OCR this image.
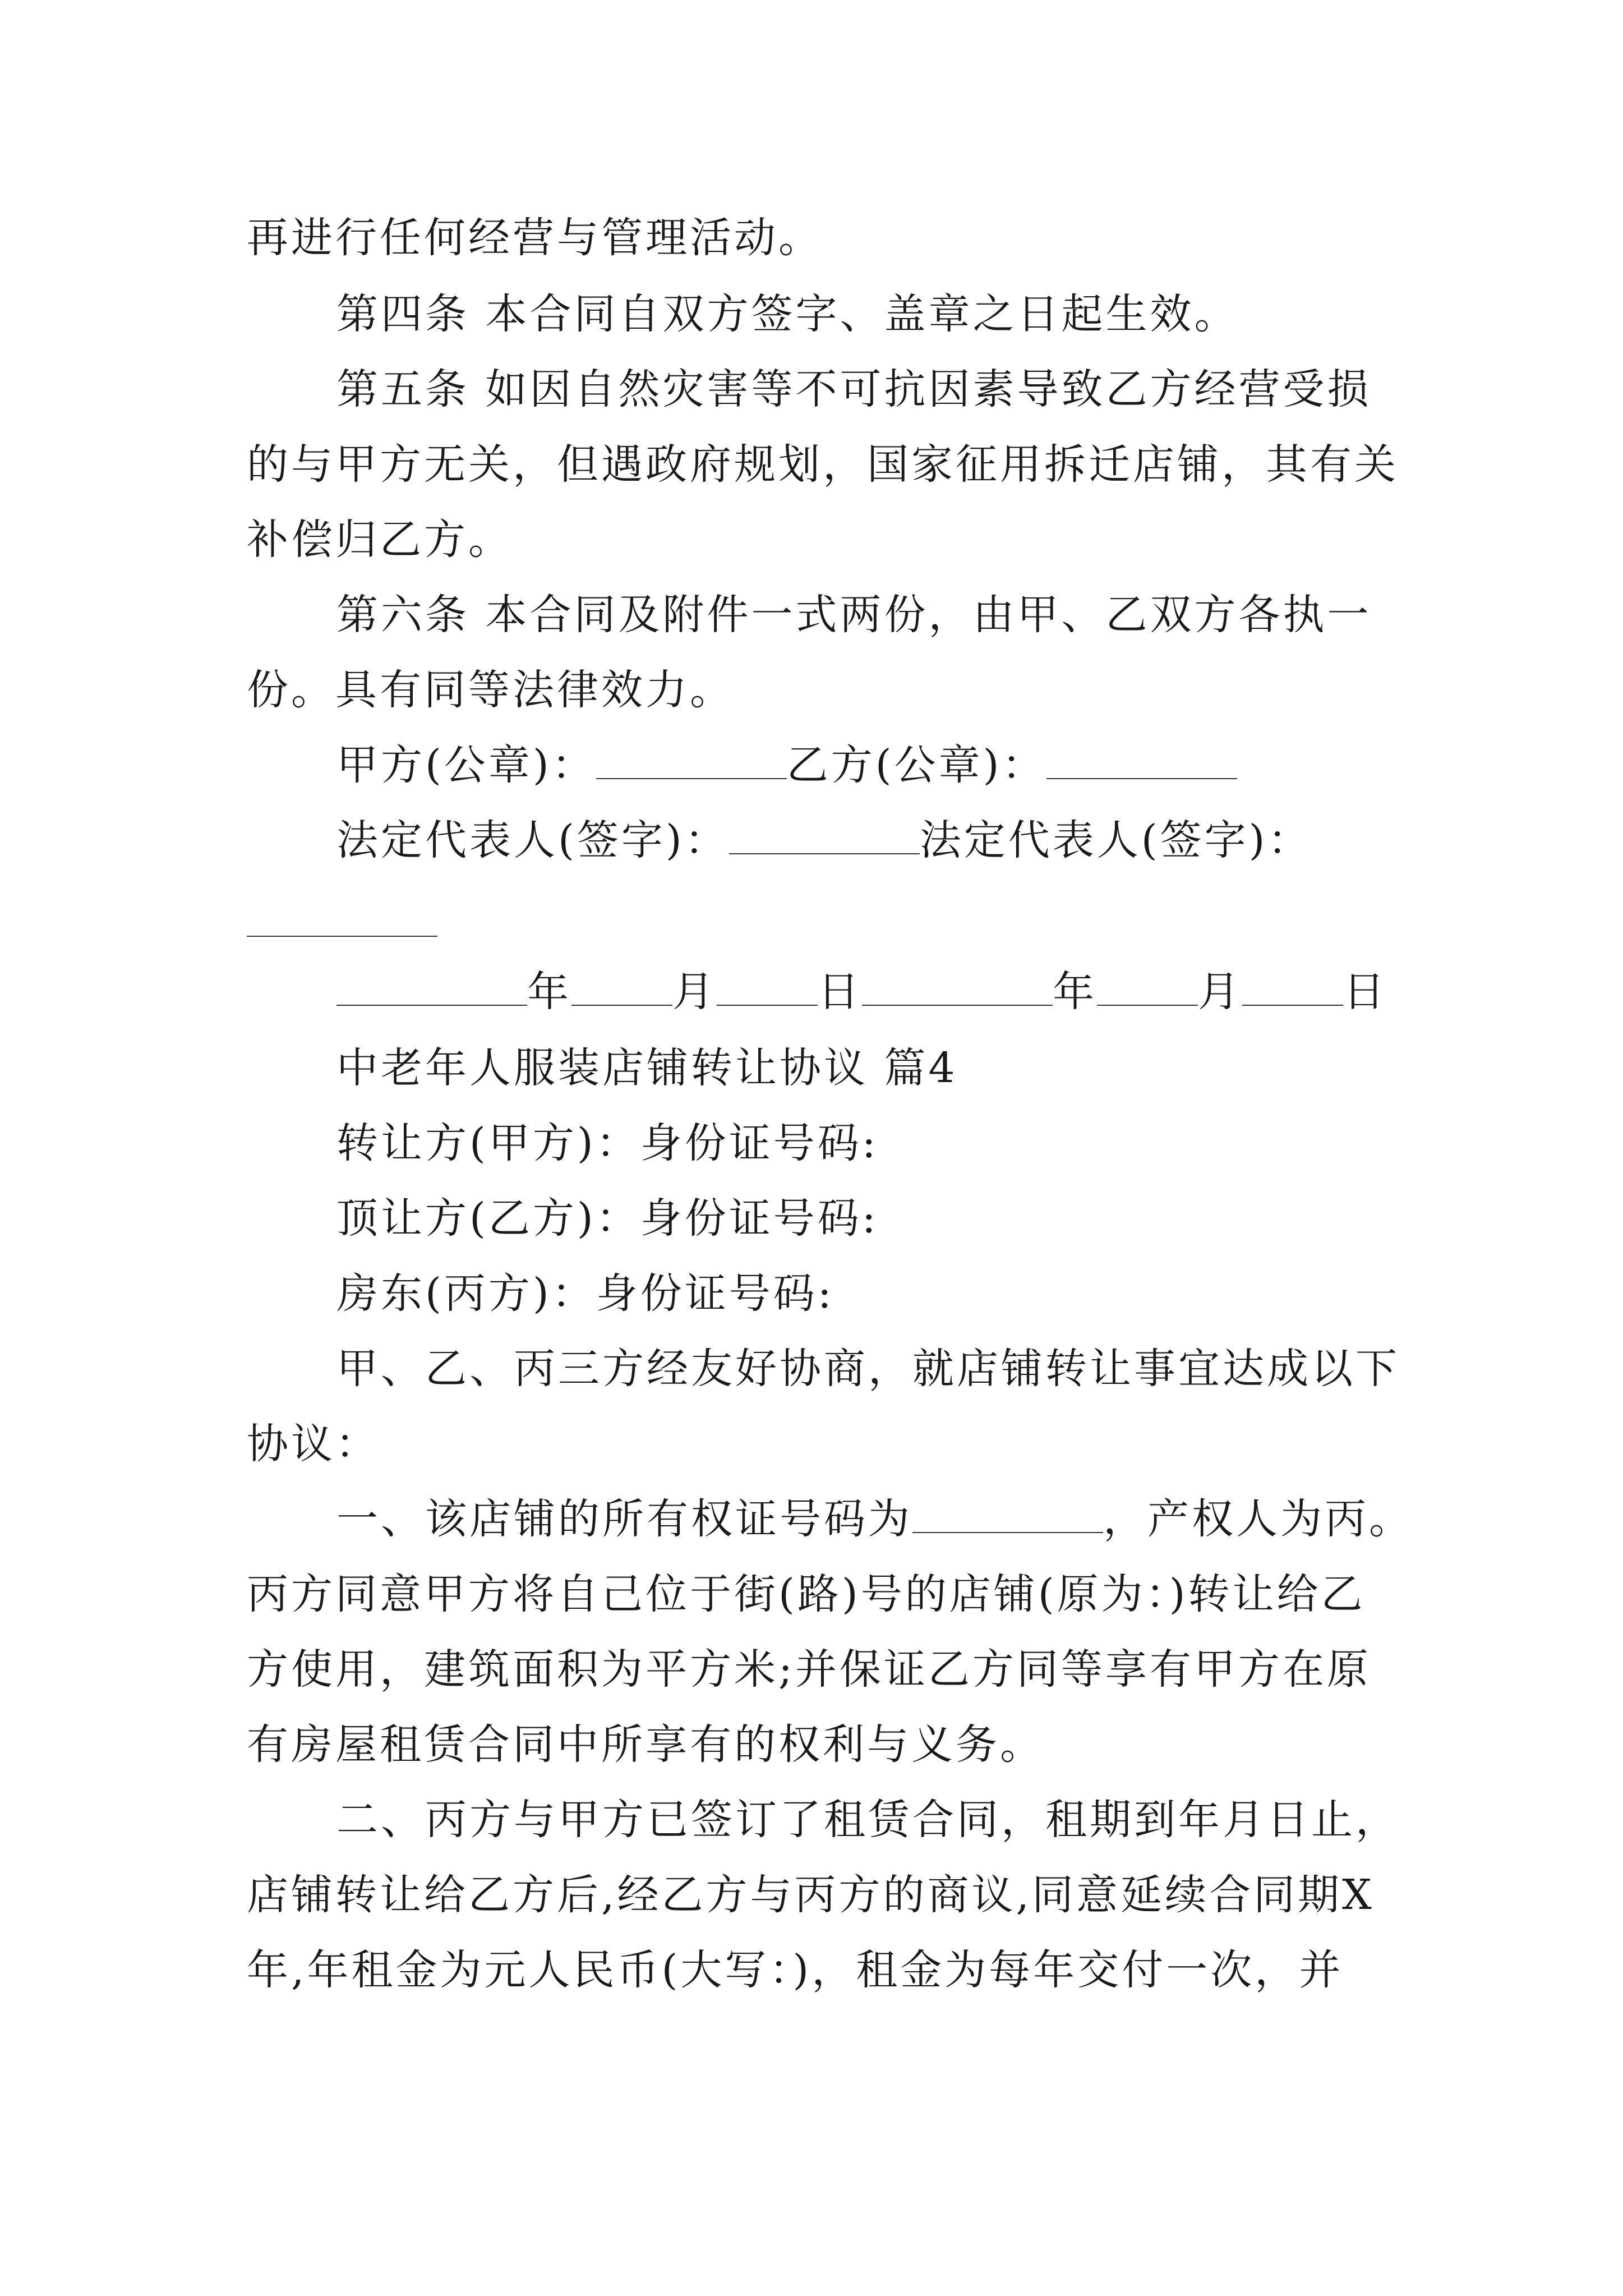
再进行任何经营与管理活动。
第四条 本合同自双方签字、盖章之日起生效。
第五条 如因自然灾害等不可抗因素导致乙方经营受损
的与甲方无关，但遇政府规划，国家征用拆迁店铺，其有关
补偿归乙方。
第六条 本合同及附件一式两份，由甲、乙双方各执一
份。具有同等法律效力。
甲方(公章)：	乙方(公章)：
法定代表人(签字)：	法定代表人(签字)：
年 月 日	年 月 日
中老年人服装店铺转让协议 篇4
转让方(甲方)：身份证号码:
顶让方(乙方)：身份证号码:
房东(丙方)：身份证号码:
甲、乙、丙三方经友好协商，就店铺转让事宜达成以下
协议：
一、该店铺的所有权证号码为	，产权人为丙。
丙方同意甲方将自己位于街(路)号的店铺(原为：)转让给乙
方使用，建筑面积为平方米;并保证乙方同等享有甲方在原
有房屋租赁合同中所享有的权利与义务。
二、丙方与甲方已签订了租赁合同，租期到年月日止，
店铺转让给乙方后,经乙方与丙方的商议,同意延续合同期X
年,年租金为元人民币(大写：)，租金为每年交付一次，并
